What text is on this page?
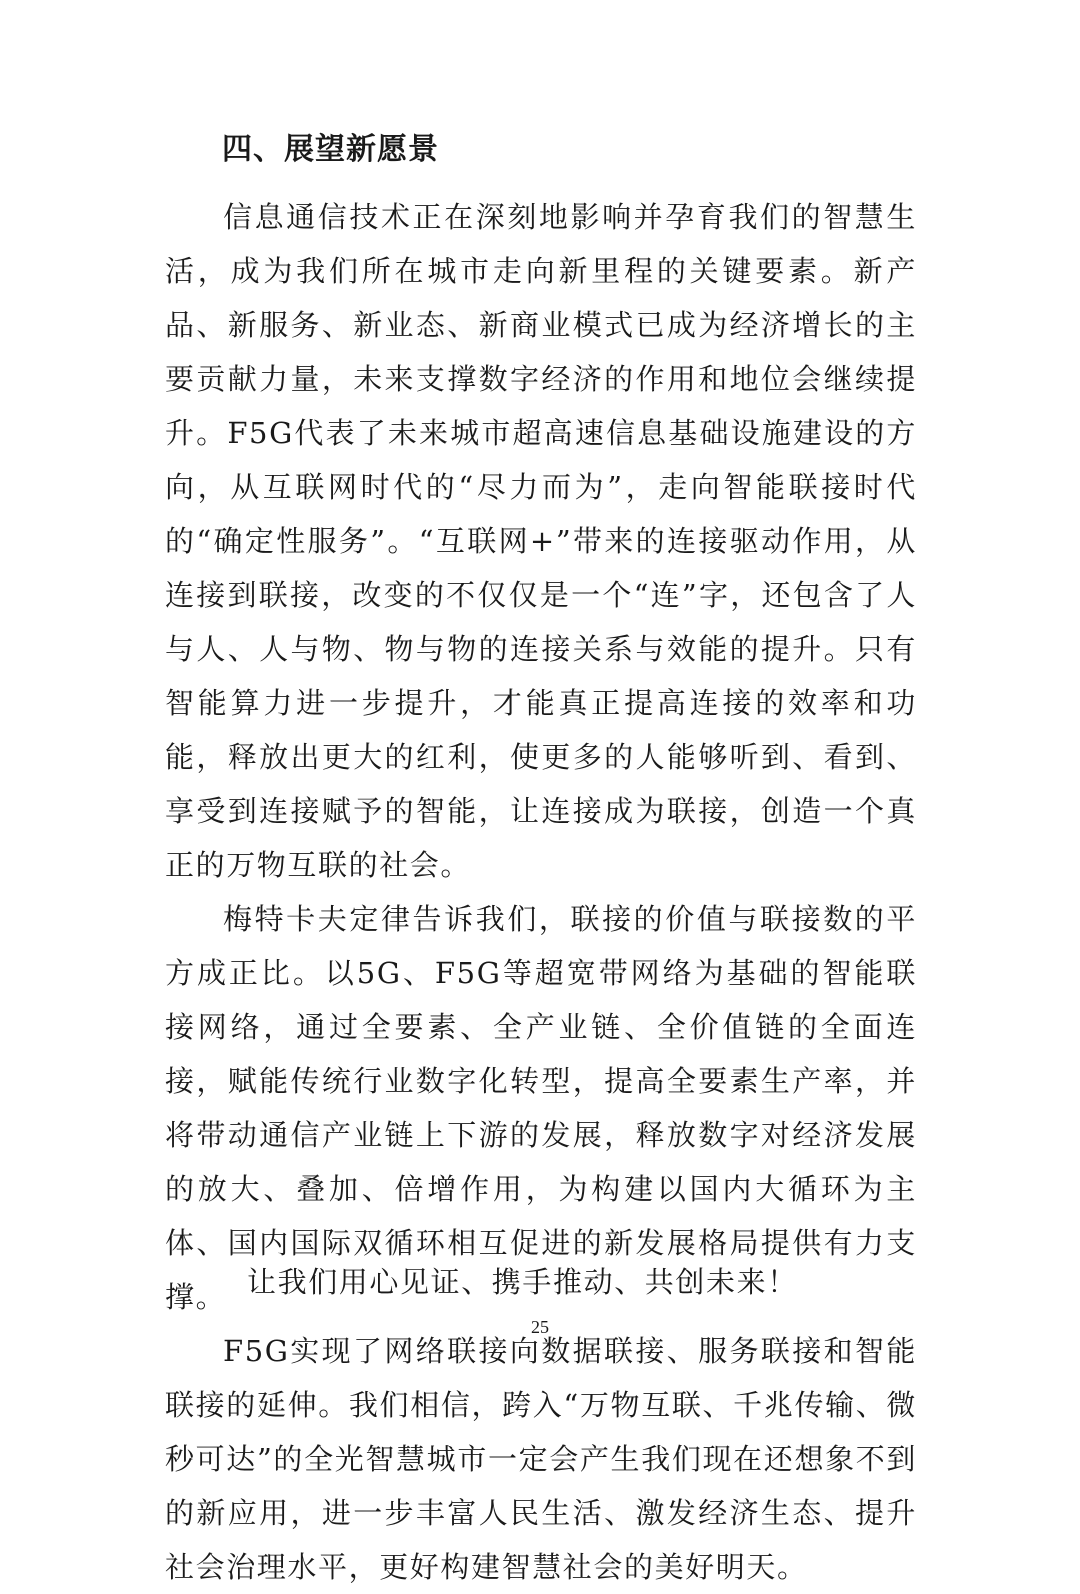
四、展望新愿景

信息通信技术正在深刻地影响并孕育我们的智慧生活，成为我们所在城市走向新里程的关键要素。新产品、新服务、新业态、新商业模式已成为经济增长的主要贡献力量，未来支撑数字经济的作用和地位会继续提升。F5G代表了未来城市超高速信息基础设施建设的方向，从互联网时代的“尽力而为”，走向智能联接时代的“确定性服务”。“互联网+”带来的连接驱动作用，从连接到联接，改变的不仅仅是一个“连”字，还包含了人与人、人与物、物与物的连接关系与效能的提升。只有智能算力进一步提升，才能真正提高连接的效率和功能，释放出更大的红利，使更多的人能够听到、看到、享受到连接赋予的智能，让连接成为联接，创造一个真正的万物互联的社会。

梅特卡夫定律告诉我们，联接的价值与联接数的平方成正比。以5G、F5G等超宽带网络为基础的智能联接网络，通过全要素、全产业链、全价值链的全面连接，赋能传统行业数字化转型，提高全要素生产率，并将带动通信产业链上下游的发展，释放数字对经济发展的放大、叠加、倍增作用，为构建以国内大循环为主体、国内国际双循环相互促进的新发展格局提供有力支撑。

F5G实现了网络联接向数据联接、服务联接和智能联接的延伸。我们相信，跨入“万物互联、千兆传输、微秒可达”的全光智慧城市一定会产生我们现在还想象不到的新应用，进一步丰富人民生活、激发经济生态、提升社会治理水平，更好构建智慧社会的美好明天。

让我们用心见证、携手推动、共创未来！

25
